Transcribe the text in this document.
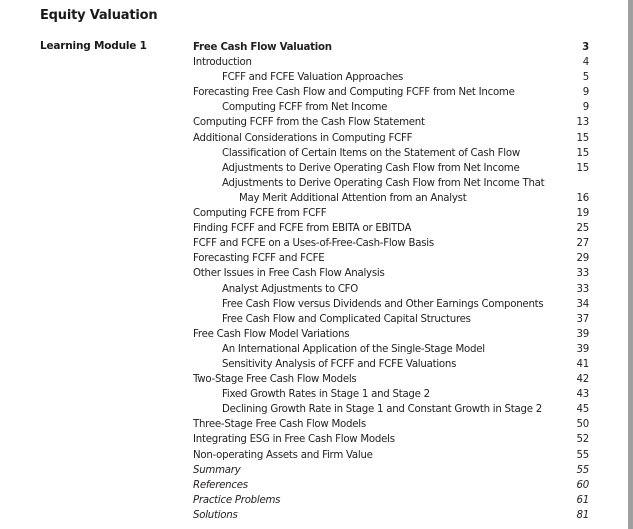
Equity Valuation
Learning Module 1	Free Cash Flow Valuation	3
Introduction	4
FCFF and FCFE Valuation Approaches	5
Forecasting Free Cash Flow and Computing FCFF from Net Income	9
Computing FCFF from Net Income	9
Computing FCFF from the Cash Flow Statement	13
Additional Considerations in Computing FCFF	15
Classification of Certain Items on the Statement of Cash Flow	15
Adjustments to Derive Operating Cash Flow from Net Income	15
Adjustments to Derive Operating Cash Flow from Net Income That
May Merit Additional Attention from an Analyst	16
Computing FCFE from FCFF	19
Finding FCFF and FCFE from EBITA or EBITDA	25
FCFF and FCFE on a Uses-of-Free-Cash-Flow Basis	27
Forecasting FCFF and FCFE	29
Other Issues in Free Cash Flow Analysis	33
Analyst Adjustments to CFO	33
Free Cash Flow versus Dividends and Other Earnings Components	34
Free Cash Flow and Complicated Capital Structures	37
Free Cash Flow Model Variations	39
An International Application of the Single-Stage Model	39
Sensitivity Analysis of FCFF and FCFE Valuations	41
Two-Stage Free Cash Flow Models	42
Fixed Growth Rates in Stage 1 and Stage 2	43
Declining Growth Rate in Stage 1 and Constant Growth in Stage 2	45
Three-Stage Free Cash Flow Models	50
Integrating ESG in Free Cash Flow Models	52
Non-operating Assets and Firm Value	55
Summary	55
References	60
Practice Problems	61
Solutions	81
